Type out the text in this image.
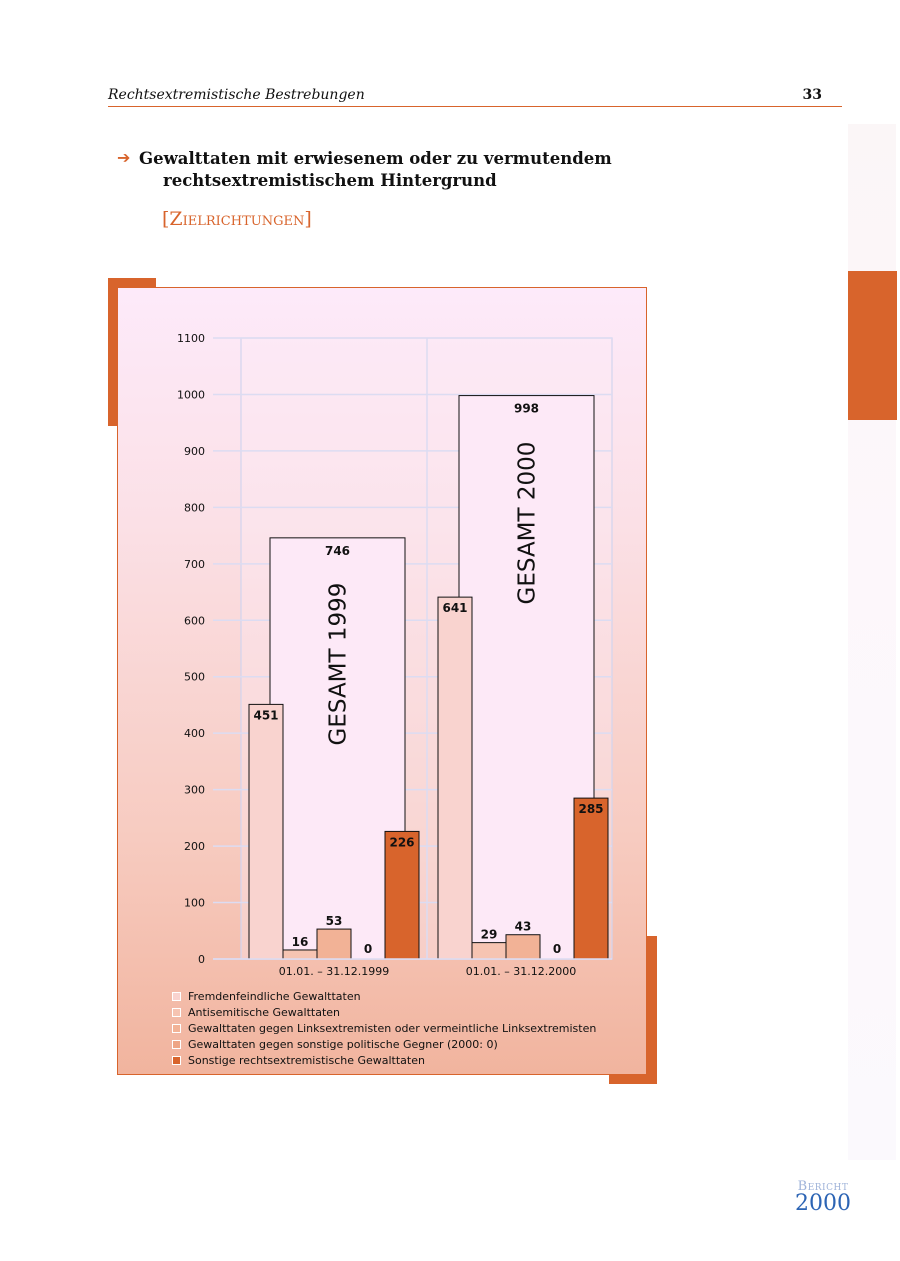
Rechtsextremistische Bestrebungen	33
➔ Gewalttaten mit erwiesenem oder zu vermutendem
rechtsextremistischem Hintergrund
[Zielrichtungen]
0
100
200
300
400
500
600
700
800
900
1000
1100
746
GESAMT 1999
451
16
53
0
226
01.01. – 31.12.1999
998
GESAMT 2000
641
29
43
0
285
01.01. – 31.12.2000
Fremdenfeindliche Gewalttaten
Antisemitische Gewalttaten
Gewalttaten gegen Linksextremisten oder vermeintliche Linksextremisten
Gewalttaten gegen sonstige politische Gegner (2000: 0)
Sonstige rechtsextremistische Gewalttaten
Bericht
2000
